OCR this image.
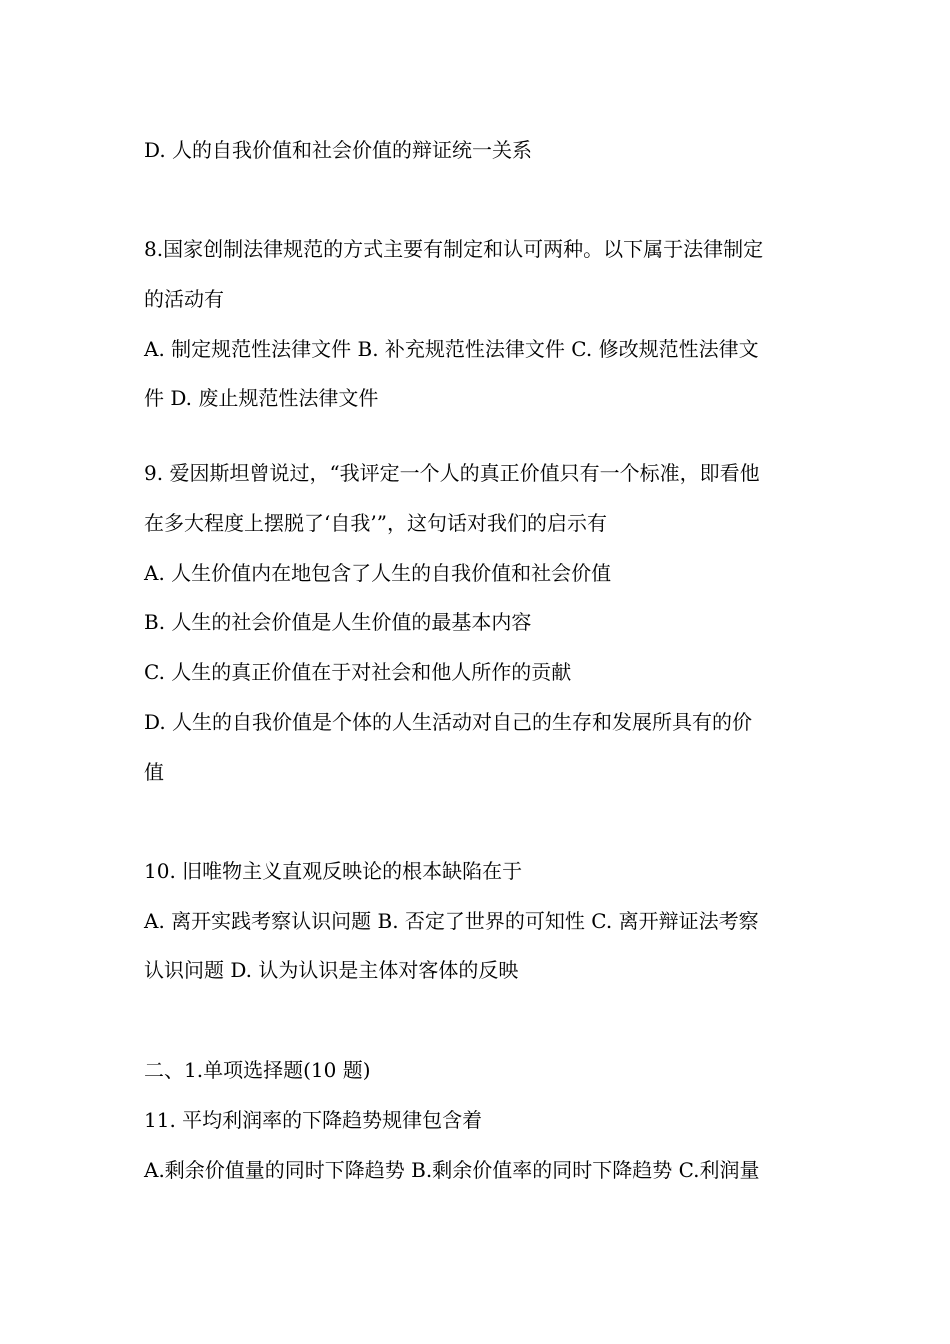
D. 人的自我价值和社会价值的辩证统一关系
8.国家创制法律规范的方式主要有制定和认可两种。以下属于法律制定
的活动有
A. 制定规范性法律文件 B. 补充规范性法律文件 C. 修改规范性法律文
件 D. 废止规范性法律文件
9. 爱因斯坦曾说过，“我评定一个人的真正价值只有一个标准，即看他
在多大程度上摆脱了‘自我’”，这句话对我们的启示有
A. 人生价值内在地包含了人生的自我价值和社会价值
B. 人生的社会价值是人生价值的最基本内容
C. 人生的真正价值在于对社会和他人所作的贡献
D. 人生的自我价值是个体的人生活动对自己的生存和发展所具有的价
值
10. 旧唯物主义直观反映论的根本缺陷在于
A. 离开实践考察认识问题 B. 否定了世界的可知性 C. 离开辩证法考察
认识问题 D. 认为认识是主体对客体的反映
二、1.单项选择题(10 题)
11. 平均利润率的下降趋势规律包含着
A.剩余价值量的同时下降趋势 B.剩余价值率的同时下降趋势 C.利润量
